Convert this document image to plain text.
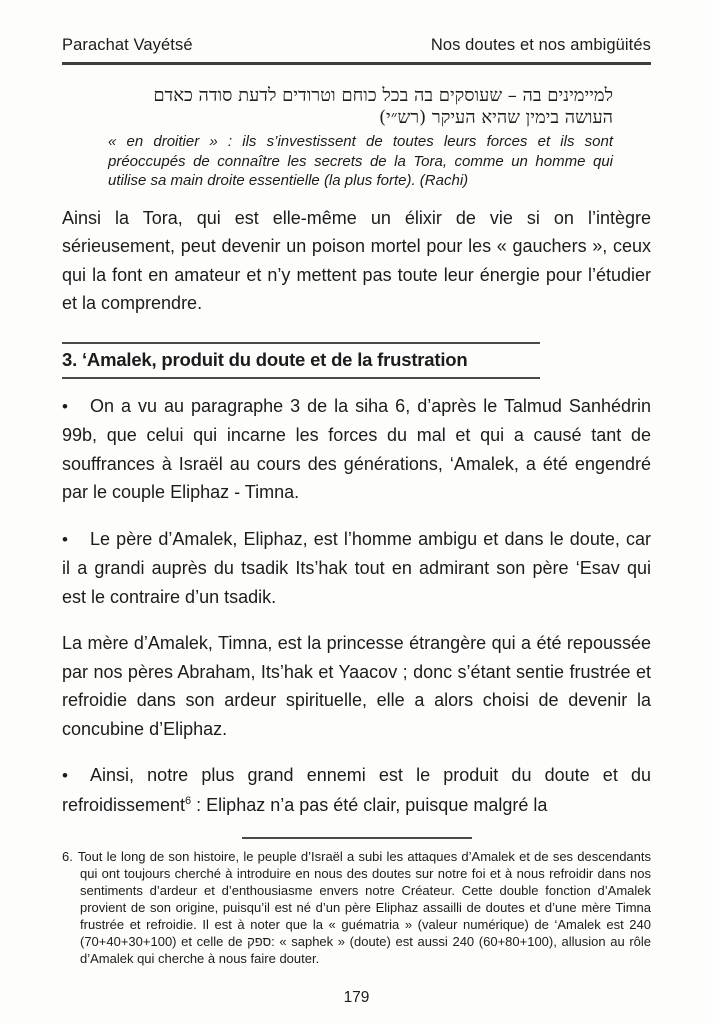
Parachat Vayétsé	Nos doutes et nos ambigüités
למיימינים בה – שעוסקים בה בכל כוחם וטרודים לדעת סודה כאדם
העושה בימין שהיא העיקר (רש״י)
« en droitier » : ils s’investissent de toutes leurs forces et ils sont préoccupés de connaître les secrets de la Tora, comme un homme qui utilise sa main droite essentielle (la plus forte). (Rachi)

Ainsi la Tora, qui est elle-même un élixir de vie si on l’intègre sérieusement, peut devenir un poison mortel pour les « gauchers », ceux qui la font en amateur et n’y mettent pas toute leur énergie pour l’étudier et la comprendre.

3. ‘Amalek, produit du doute et de la frustration

• On a vu au paragraphe 3 de la siha 6, d’après le Talmud Sanhédrin 99b, que celui qui incarne les forces du mal et qui a causé tant de souffrances à Israël au cours des générations, ‘Amalek, a été engendré par le couple Eliphaz - Timna.

• Le père d’Amalek, Eliphaz, est l’homme ambigu et dans le doute, car il a grandi auprès du tsadik Its’hak tout en admirant son père ‘Esav qui est le contraire d’un tsadik.

La mère d’Amalek, Timna, est la princesse étrangère qui a été repoussée par nos pères Abraham, Its’hak et Yaacov ; donc s’étant sentie frustrée et refroidie dans son ardeur spirituelle, elle a alors choisi de devenir la concubine d’Eliphaz.

• Ainsi, notre plus grand ennemi est le produit du doute et du refroidissement$^6$ : Eliphaz n’a pas été clair, puisque malgré la

6. Tout le long de son histoire, le peuple d’Israël a subi les attaques d’Amalek et de ses descendants qui ont toujours cherché à introduire en nous des doutes sur notre foi et à nous refroidir dans nos sentiments d’ardeur et d’enthousiasme envers notre Créateur. Cette double fonction d’Amalek provient de son origine, puisqu’il est né d’un père Eliphaz assailli de doutes et d’une mère Timna frustrée et refroidie. Il est à noter que la « guématria » (valeur numérique) de ‘Amalek est 240 (70+40+30+100) et celle de ספק: « saphek » (doute) est aussi 240 (60+80+100), allusion au rôle d’Amalek qui cherche à nous faire douter.

179
